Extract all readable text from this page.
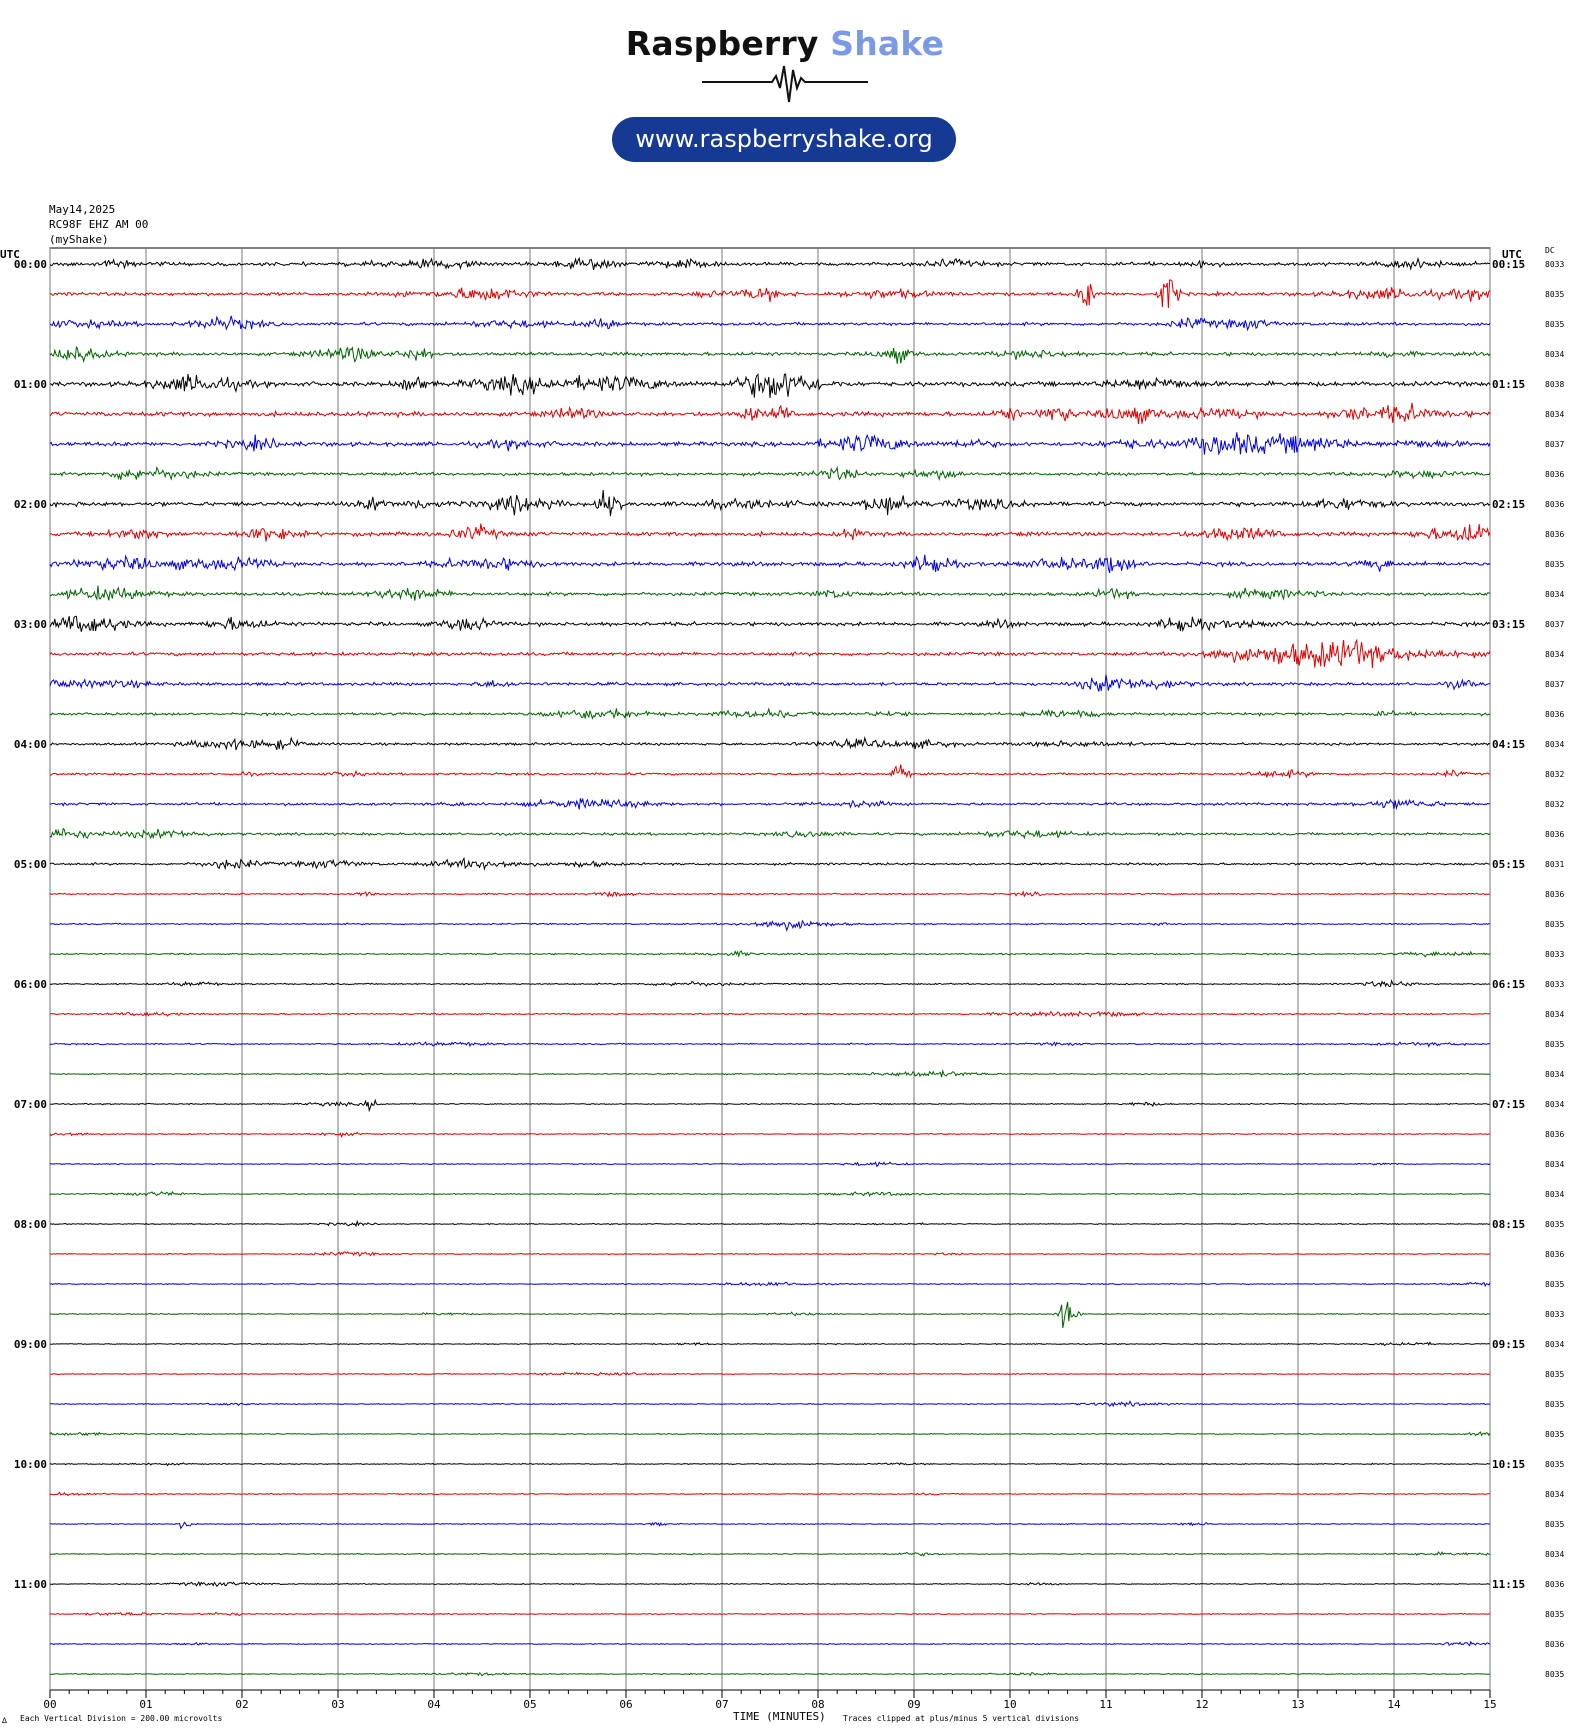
Raspberry Shake
www.raspberryshake.org
May14,2025
RC98F EHZ AM 00
(myShake)
UTC	UTC	DC
00	01	02	03	04	05	06	07	08	09	10	11	12	13	14	15
8033
8035
8035
8034
8038
8034
8037
8036
8036
8036
8035
8034
8037
8034
8037
8036
8034
8032
8032
8036
8031
8036
8035
8033
8033
8034
8035
8034
8034
8036
8034
8034
8035
8036
8035
8033
8034
8035
8035
8035
8035
8034
8035
8034
8036
8035
8036
8035
00:00
01:00
02:00
03:00
04:00
05:00
06:00
07:00
08:00
09:00
10:00
11:00
00:15
01:15
02:15
03:15
04:15
05:15
06:15
07:15
08:15
09:15
10:15
11:15
∆ Each Vertical Division = 200.00 microvolts	TIME (MINUTES) Traces clipped at plus/minus 5 vertical divisions
